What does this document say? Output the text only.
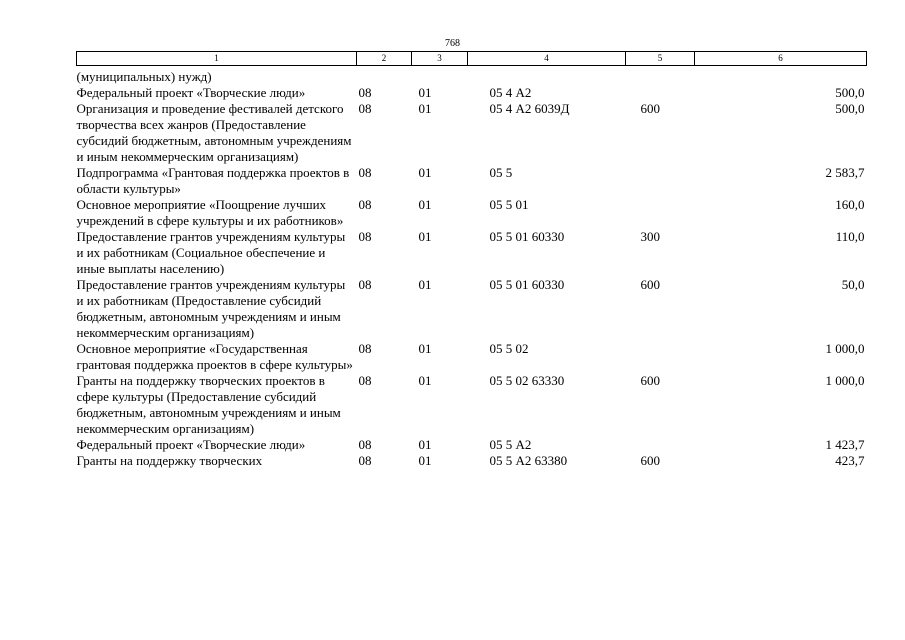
768
1	2	3	4	5	6
(муниципальных) нужд)					
Федеральный проект «Творческие люди»	08	01	05 4 А2		500,0
Организация и проведение фестивалей детского творчества всех жанров (Предоставление субсидий бюджетным, автономным учреждениям и иным некоммерческим организациям)	08	01	05 4 А2 6039Д	600	500,0
Подпрограмма «Грантовая поддержка проектов в области культуры»	08	01	05 5		2 583,7
Основное мероприятие «Поощрение лучших учреждений в сфере культуры и их работников»	08	01	05 5 01		160,0
Предоставление грантов учреждениям культуры и их работникам (Социальное обеспечение и иные выплаты населению)	08	01	05 5 01 60330	300	110,0
Предоставление грантов учреждениям культуры и их работникам (Предоставление субсидий бюджетным, автономным учреждениям и иным некоммерческим организациям)	08	01	05 5 01 60330	600	50,0
Основное мероприятие «Государственная грантовая поддержка проектов в сфере культуры»	08	01	05 5 02		1 000,0
Гранты на поддержку творческих проектов в сфере культуры (Предоставление субсидий бюджетным, автономным учреждениям и иным некоммерческим организациям)	08	01	05 5 02 63330	600	1 000,0
Федеральный проект «Творческие люди»	08	01	05 5 А2		1 423,7
Гранты на поддержку творческих	08	01	05 5 А2 63380	600	423,7
